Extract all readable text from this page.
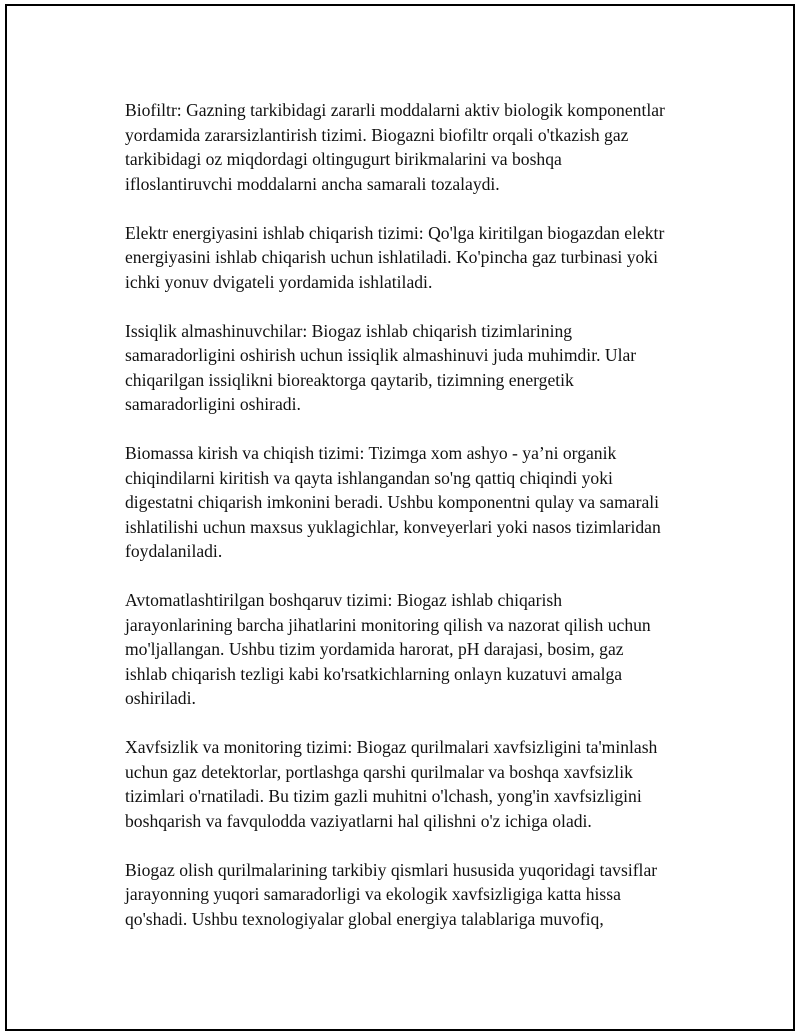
Biofiltr: Gazning tarkibidagi zararli moddalarni aktiv biologik komponentlar
yordamida zararsizlantirish tizimi. Biogazni biofiltr orqali o'tkazish gaz
tarkibidagi oz miqdordagi oltingugurt birikmalarini va boshqa
ifloslantiruvchi moddalarni ancha samarali tozalaydi.

Elektr energiyasini ishlab chiqarish tizimi: Qo'lga kiritilgan biogazdan elektr
energiyasini ishlab chiqarish uchun ishlatiladi. Ko'pincha gaz turbinasi yoki
ichki yonuv dvigateli yordamida ishlatiladi.

Issiqlik almashinuvchilar: Biogaz ishlab chiqarish tizimlarining
samaradorligini oshirish uchun issiqlik almashinuvi juda muhimdir. Ular
chiqarilgan issiqlikni bioreaktorga qaytarib, tizimning energetik
samaradorligini oshiradi.

Biomassa kirish va chiqish tizimi: Tizimga xom ashyo - ya’ni organik
chiqindilarni kiritish va qayta ishlangandan so'ng qattiq chiqindi yoki
digestatni chiqarish imkonini beradi. Ushbu komponentni qulay va samarali
ishlatilishi uchun maxsus yuklagichlar, konveyerlari yoki nasos tizimlaridan
foydalaniladi.

Avtomatlashtirilgan boshqaruv tizimi: Biogaz ishlab chiqarish
jarayonlarining barcha jihatlarini monitoring qilish va nazorat qilish uchun
mo'ljallangan. Ushbu tizim yordamida harorat, pH darajasi, bosim, gaz
ishlab chiqarish tezligi kabi ko'rsatkichlarning onlayn kuzatuvi amalga
oshiriladi.

Xavfsizlik va monitoring tizimi: Biogaz qurilmalari xavfsizligini ta'minlash
uchun gaz detektorlar, portlashga qarshi qurilmalar va boshqa xavfsizlik
tizimlari o'rnatiladi. Bu tizim gazli muhitni o'lchash, yong'in xavfsizligini
boshqarish va favqulodda vaziyatlarni hal qilishni o'z ichiga oladi.

Biogaz olish qurilmalarining tarkibiy qismlari hususida yuqoridagi tavsiflar
jarayonning yuqori samaradorligi va ekologik xavfsizligiga katta hissa
qo'shadi. Ushbu texnologiyalar global energiya talablariga muvofiq,
